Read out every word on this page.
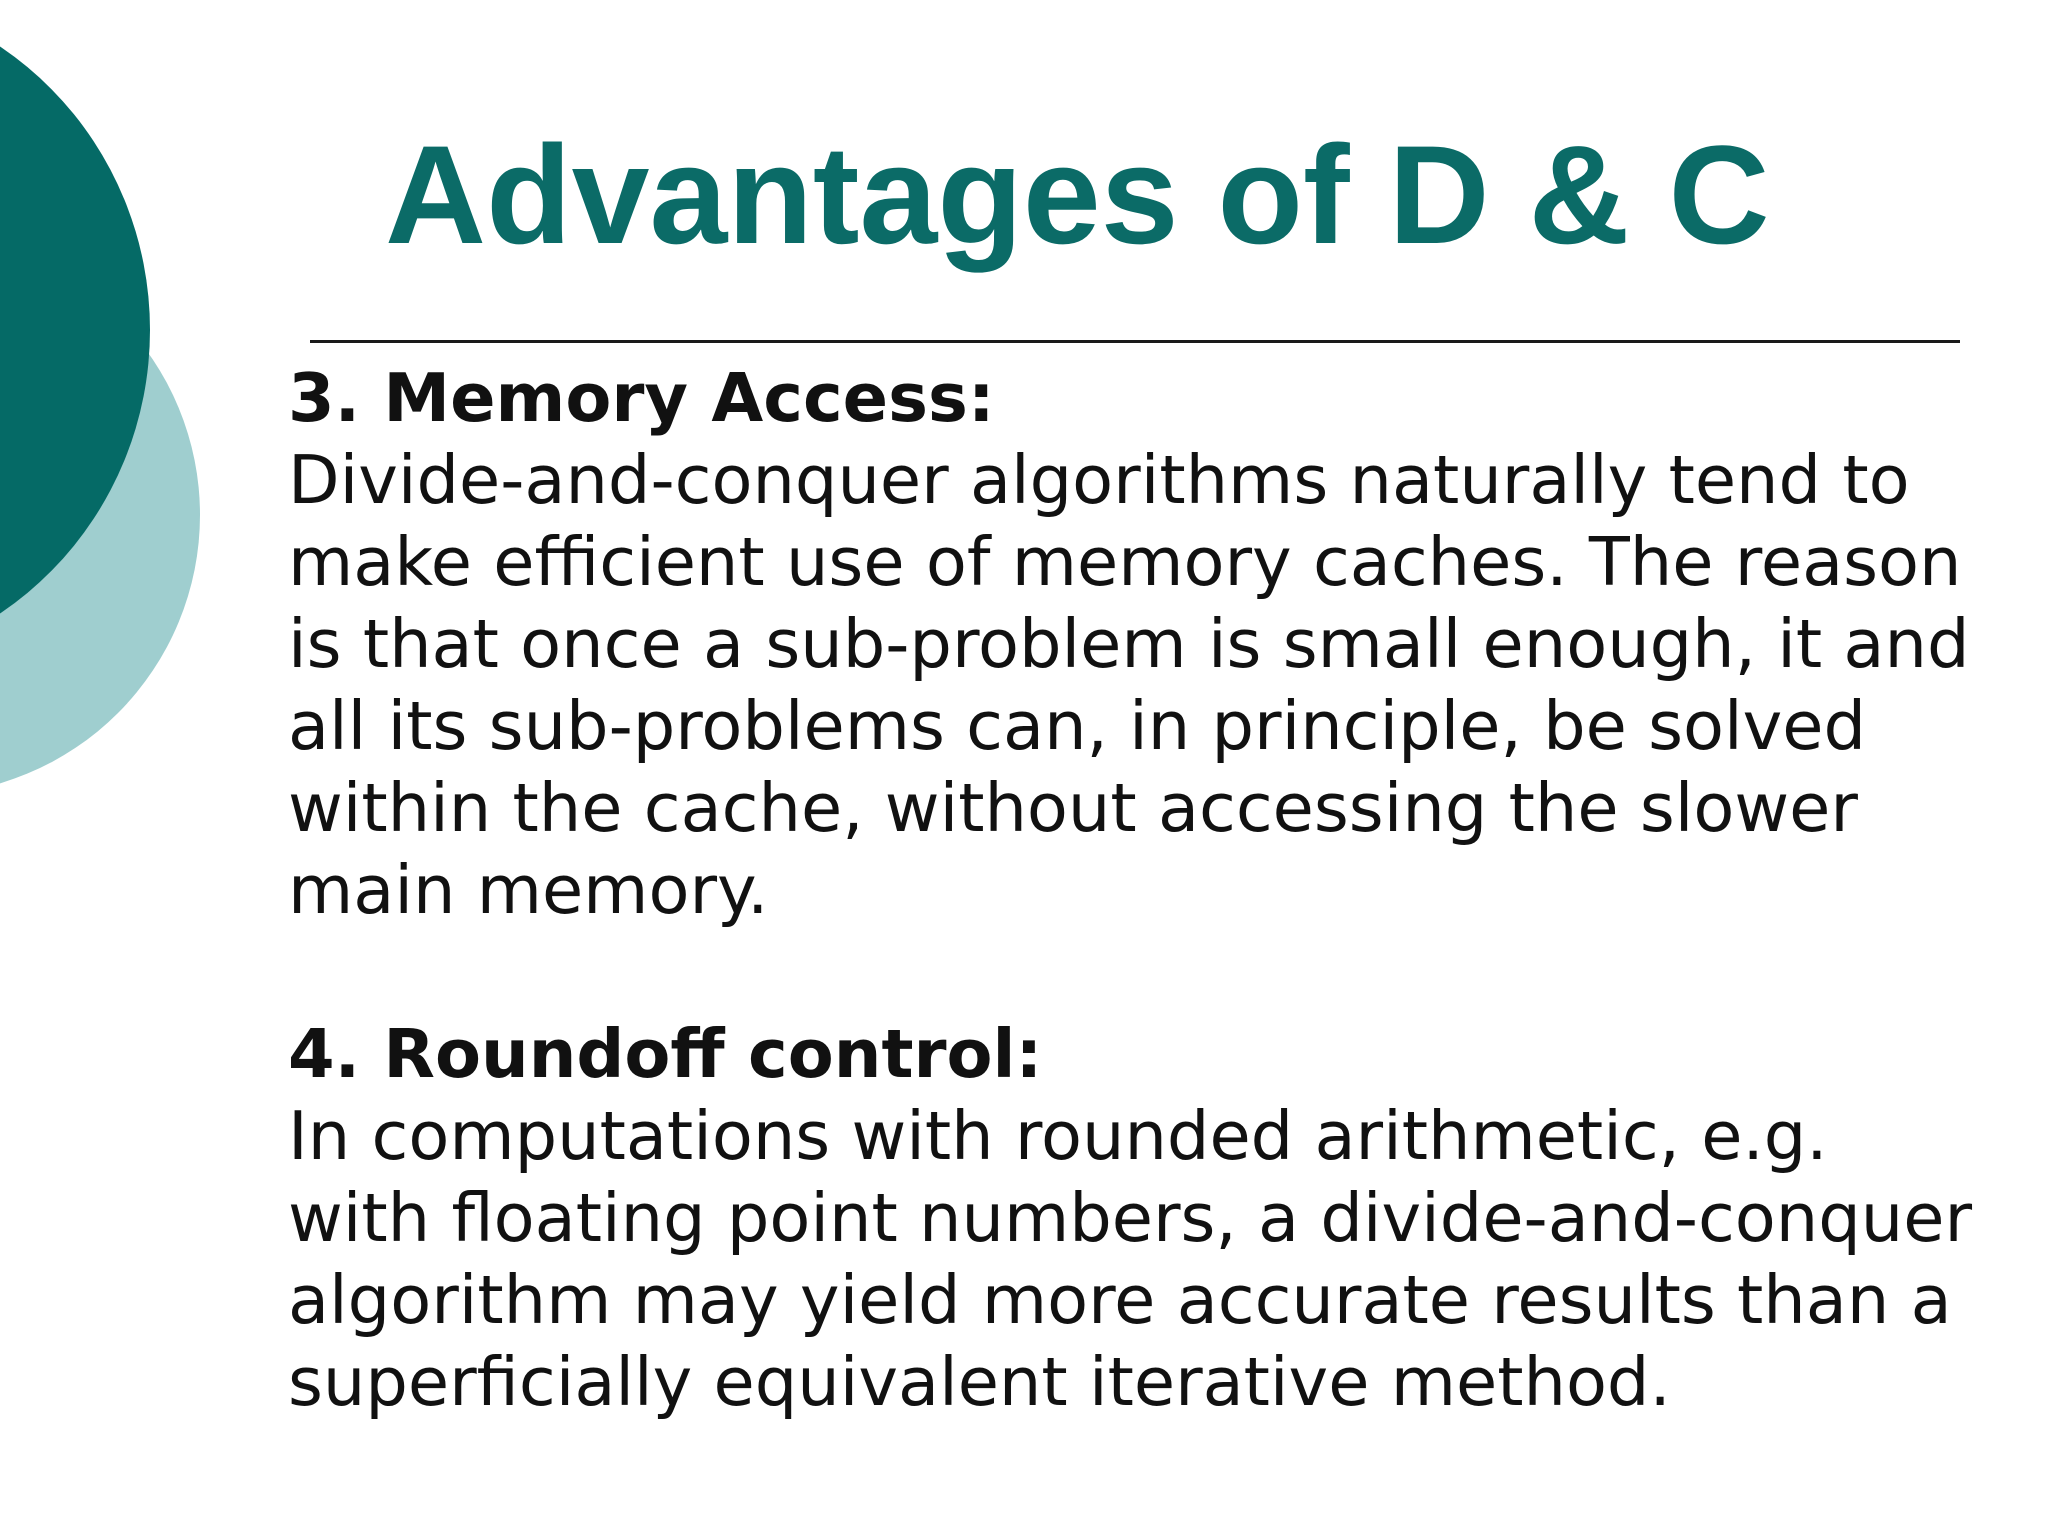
Advantages of D & C

3. Memory Access:

Divide-and-conquer algorithms naturally tend to
make efficient use of memory caches. The reason
is that once a sub-problem is small enough, it and
all its sub-problems can, in principle, be solved
within the cache, without accessing the slower
main memory.

4. Roundoff control:

In computations with rounded arithmetic, e.g.
with floating point numbers, a divide-and-conquer
algorithm may yield more accurate results than a
superficially equivalent iterative method.
